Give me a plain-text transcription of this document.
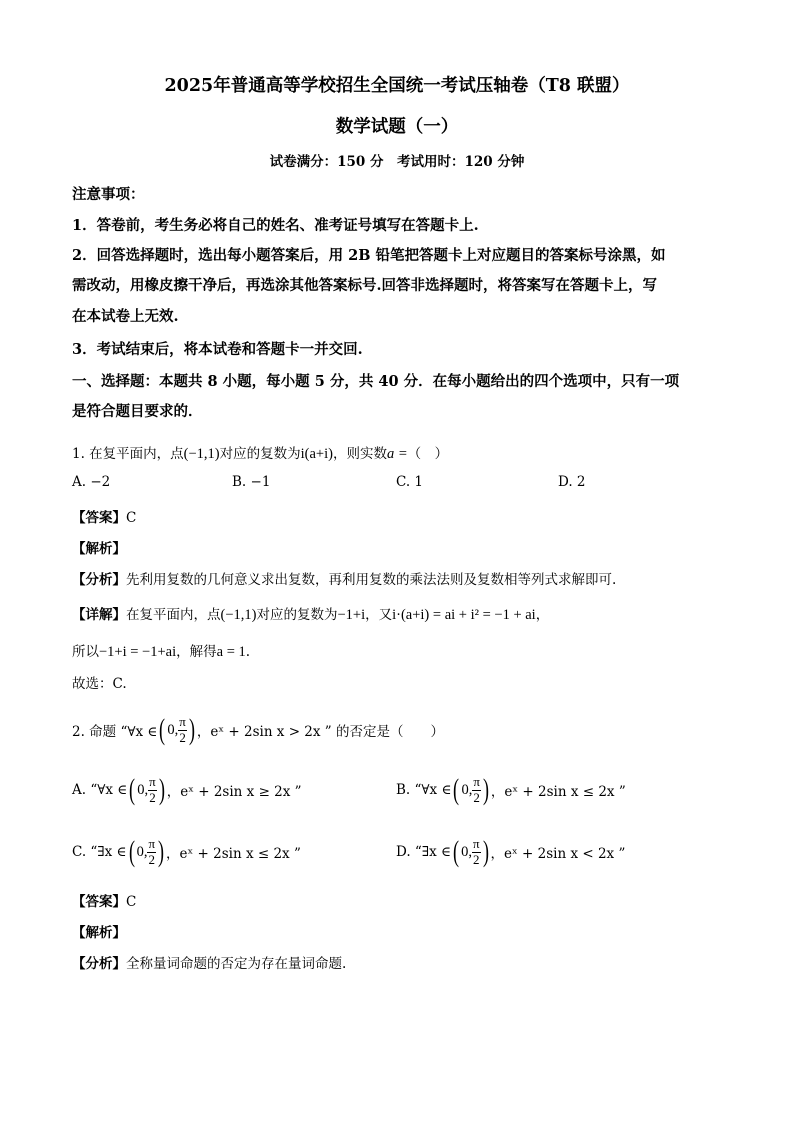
2025年普通高等学校招生全国统一考试压轴卷（T8 联盟）
数学试题（一）
试卷满分：150 分　考试用时：120 分钟
注意事项：
1．答卷前，考生务必将自己的姓名、准考证号填写在答题卡上.
2．回答选择题时，选出每小题答案后，用 2B 铅笔把答题卡上对应题目的答案标号涂黑，如
需改动，用橡皮擦干净后，再选涂其他答案标号.回答非选择题时，将答案写在答题卡上，写
在本试卷上无效.
3．考试结束后，将本试卷和答题卡一并交回.
一、选择题：本题共 8 小题，每小题 5 分，共 40 分．在每小题给出的四个选项中，只有一项
是符合题目要求的．
1. 在复平面内，点(−1,1)对应的复数为i(a+i)，则实数a =（　）
A. −2	B. −1	C. 1	D. 2
【答案】C
【解析】
【分析】先利用复数的几何意义求出复数，再利用复数的乘法法则及复数相等列式求解即可.
【详解】在复平面内，点(−1,1)对应的复数为−1+i，又i·(a+i) = ai + i² = −1 + ai，
所以−1+i = −1+ai，解得a = 1.
故选：C.
2. 命题 “∀x ∈ ( 0, $\frac{\pi}{2}$ ) ，eˣ + 2sin x > 2x ” 的否定是（　　）
A. “∀x ∈ ( 0, $\frac{\pi}{2}$ ) ，eˣ + 2sin x ≥ 2x ”	B. “∀x ∈ ( 0, $\frac{\pi}{2}$ ) ，eˣ + 2sin x ≤ 2x ”
C. “∃x ∈ ( 0, $\frac{\pi}{2}$ ) ，eˣ + 2sin x ≤ 2x ”	D. “∃x ∈ ( 0, $\frac{\pi}{2}$ ) ，eˣ + 2sin x < 2x ”
【答案】C
【解析】
【分析】全称量词命题的否定为存在量词命题.
